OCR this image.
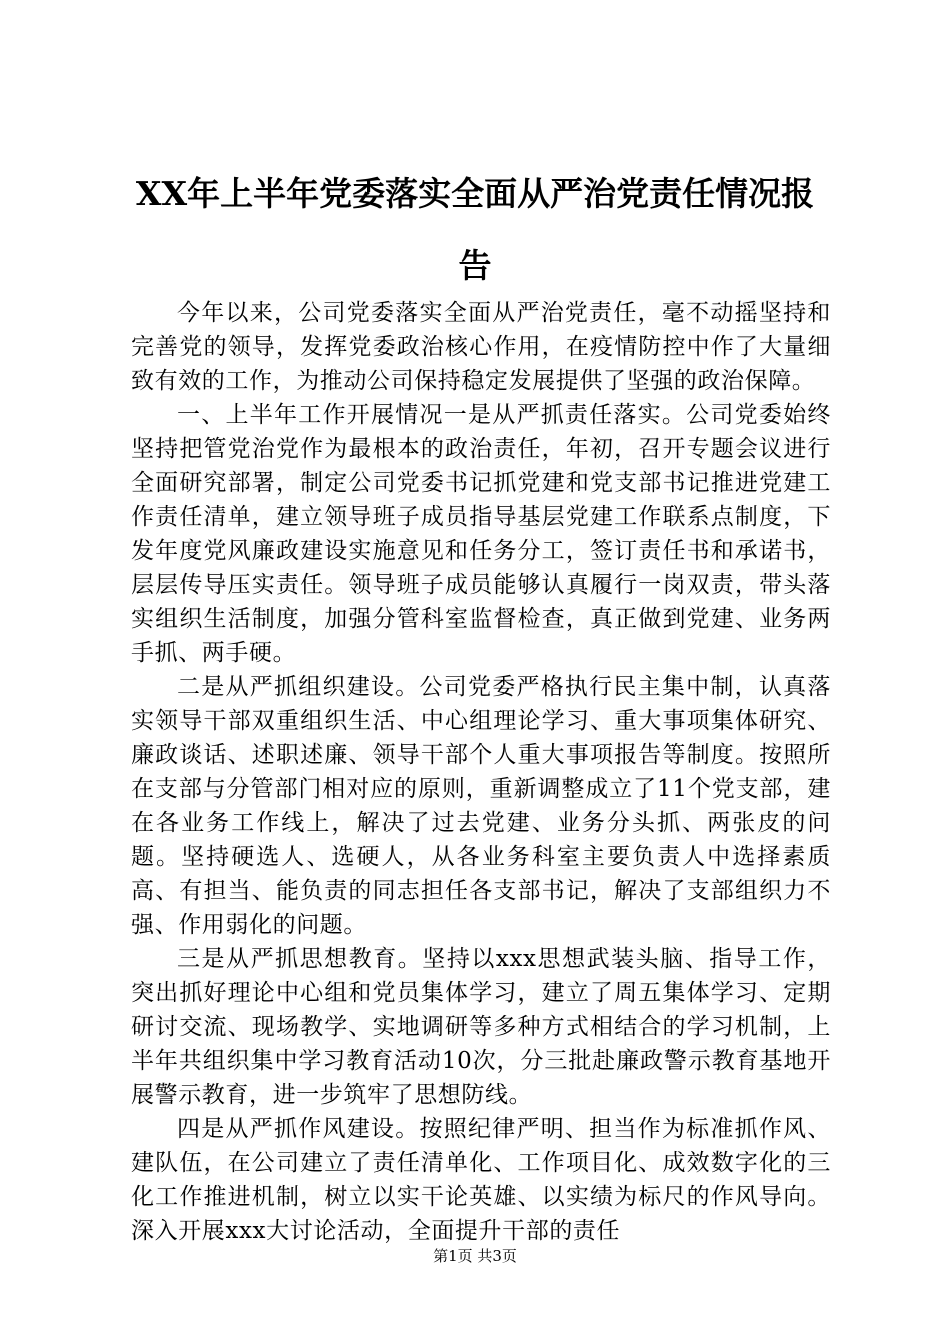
XX年上半年党委落实全面从严治党责任情况报告

今年以来，公司党委落实全面从严治党责任，毫不动摇坚持和完善党的领导，发挥党委政治核心作用，在疫情防控中作了大量细致有效的工作，为推动公司保持稳定发展提供了坚强的政治保障。

一、上半年工作开展情况一是从严抓责任落实。公司党委始终坚持把管党治党作为最根本的政治责任，年初，召开专题会议进行全面研究部署，制定公司党委书记抓党建和党支部书记推进党建工作责任清单，建立领导班子成员指导基层党建工作联系点制度，下发年度党风廉政建设实施意见和任务分工，签订责任书和承诺书，层层传导压实责任。领导班子成员能够认真履行一岗双责，带头落实组织生活制度，加强分管科室监督检查，真正做到党建、业务两手抓、两手硬。

二是从严抓组织建设。公司党委严格执行民主集中制，认真落实领导干部双重组织生活、中心组理论学习、重大事项集体研究、廉政谈话、述职述廉、领导干部个人重大事项报告等制度。按照所在支部与分管部门相对应的原则，重新调整成立了11个党支部，建在各业务工作线上，解决了过去党建、业务分头抓、两张皮的问题。坚持硬选人、选硬人，从各业务科室主要负责人中选择素质高、有担当、能负责的同志担任各支部书记，解决了支部组织力不强、作用弱化的问题。

三是从严抓思想教育。坚持以xxx思想武装头脑、指导工作，突出抓好理论中心组和党员集体学习，建立了周五集体学习、定期研讨交流、现场教学、实地调研等多种方式相结合的学习机制，上半年共组织集中学习教育活动10次，分三批赴廉政警示教育基地开展警示教育，进一步筑牢了思想防线。

四是从严抓作风建设。按照纪律严明、担当作为标准抓作风、建队伍，在公司建立了责任清单化、工作项目化、成效数字化的三化工作推进机制，树立以实干论英雄、以实绩为标尺的作风导向。深入开展xxx大讨论活动，全面提升干部的责任

第1页 共3页
